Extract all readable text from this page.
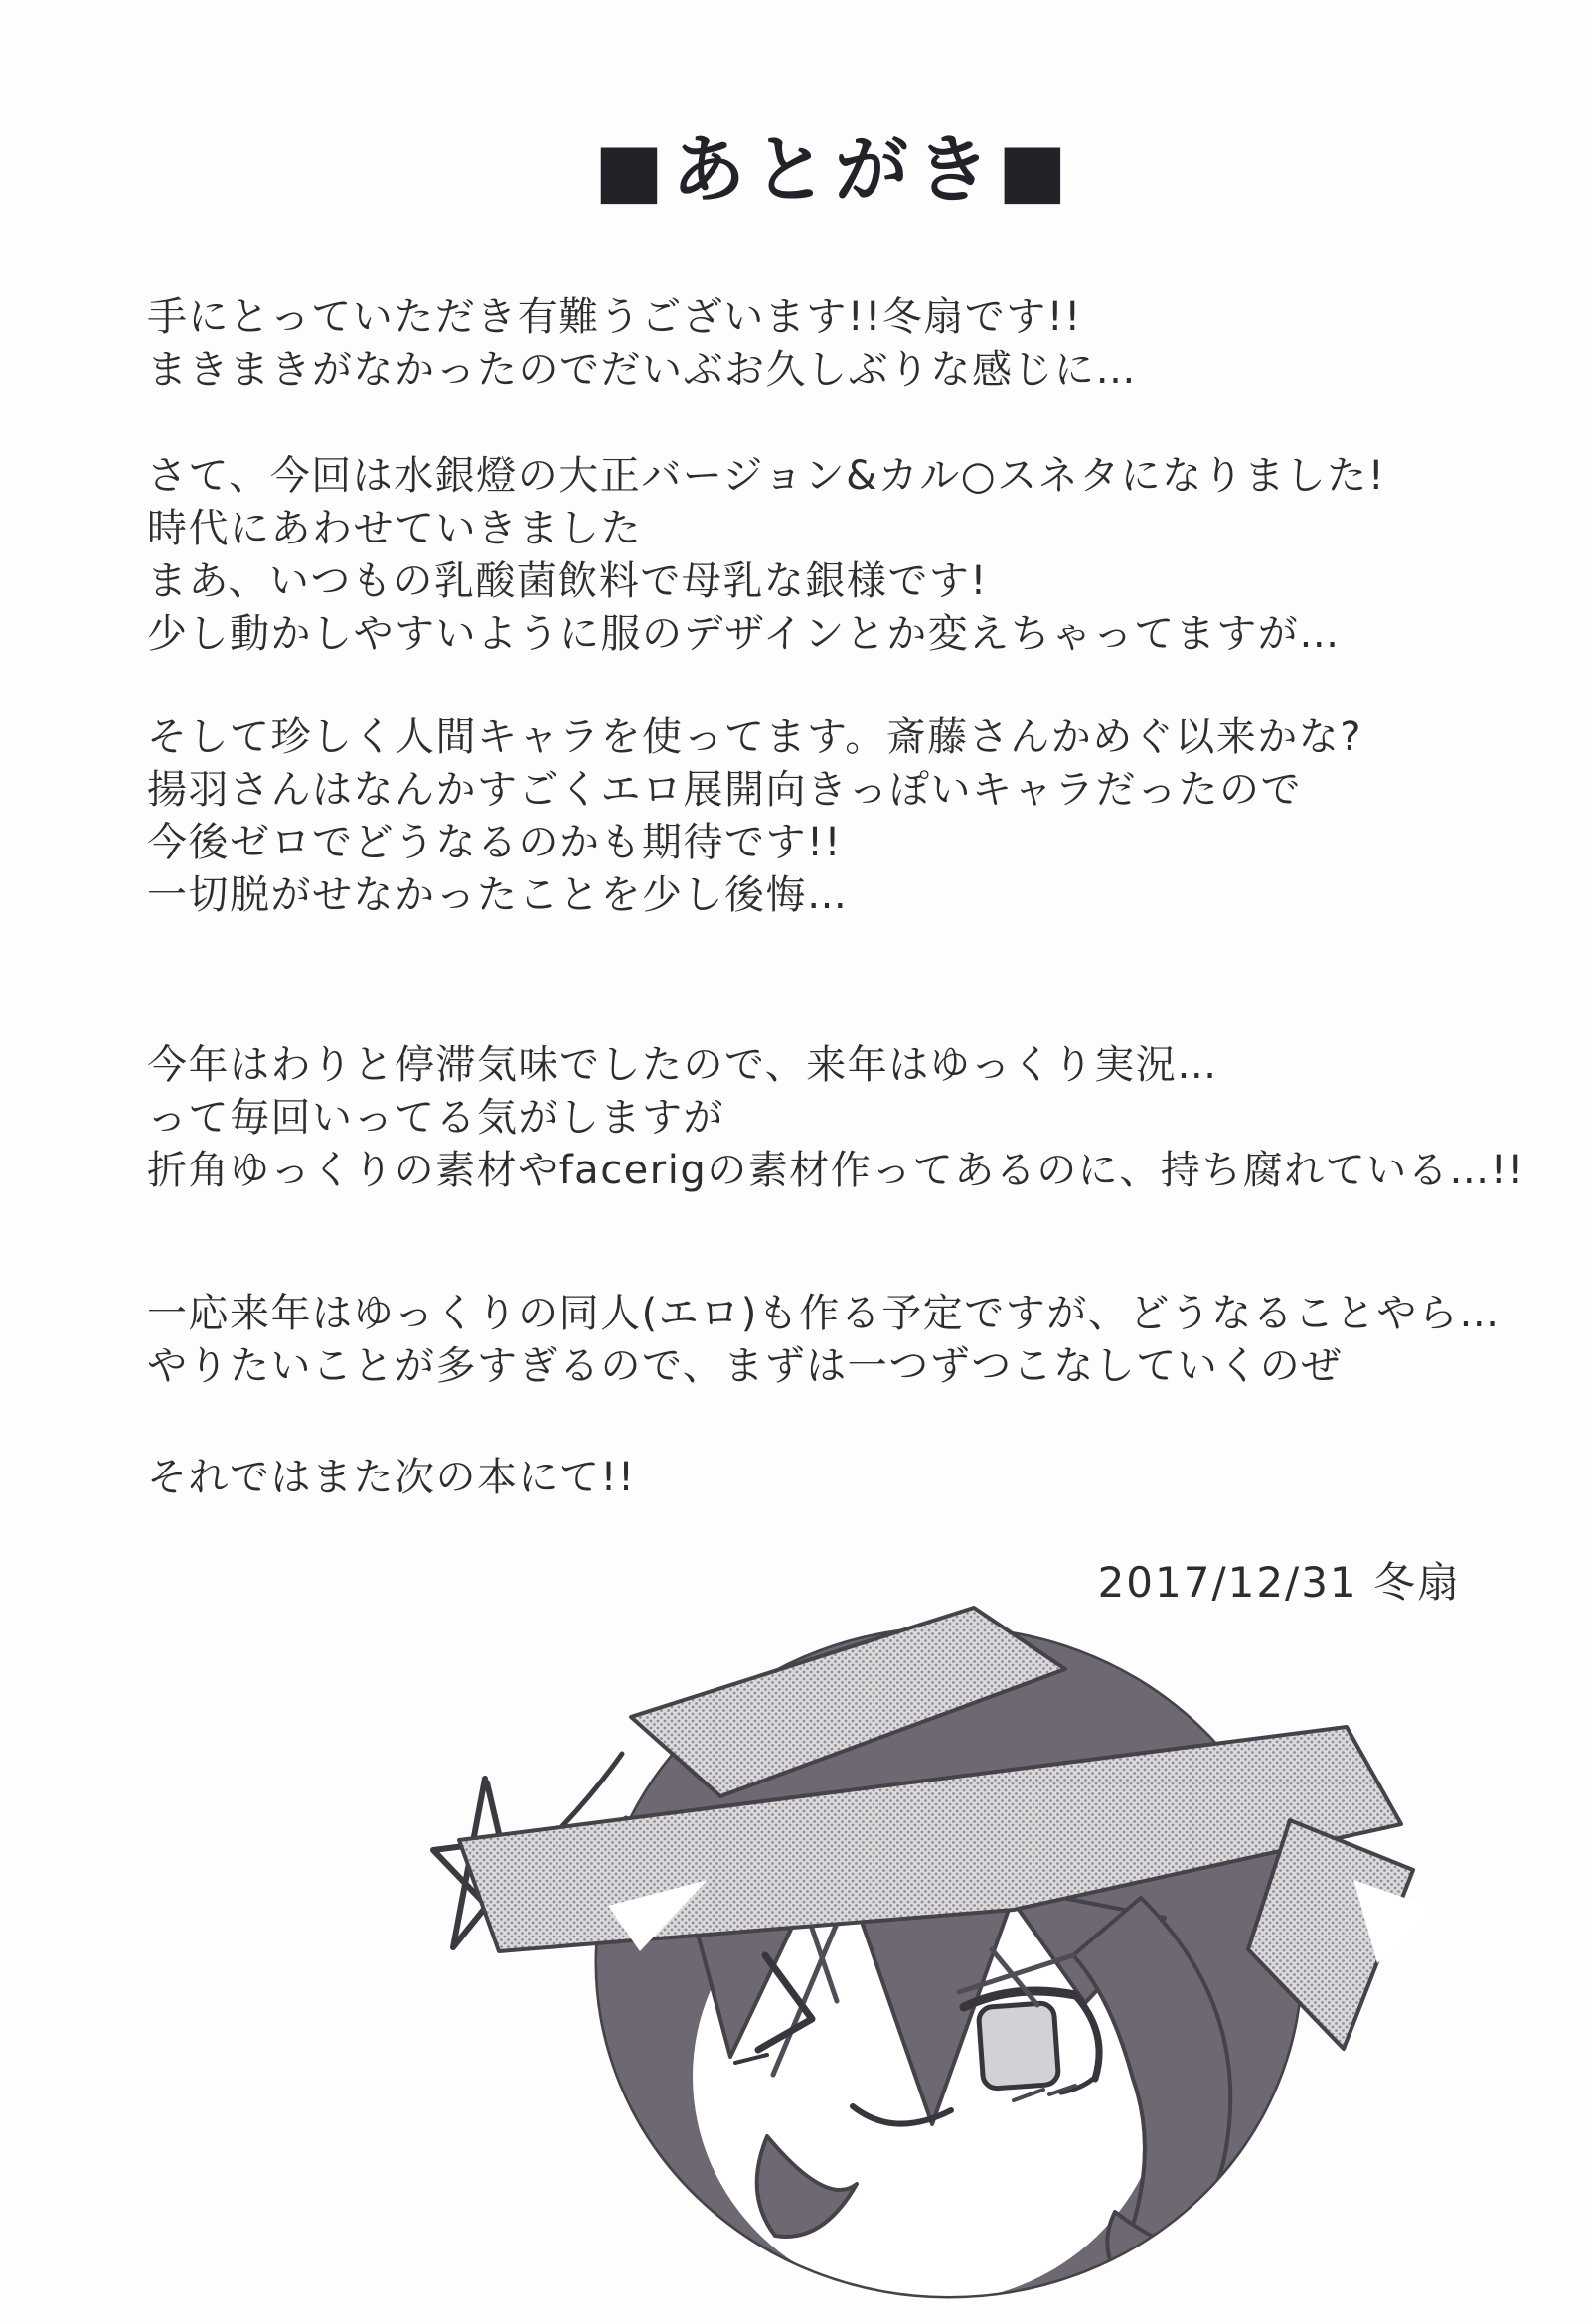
■あとがき■
手にとっていただき有難うございます!!冬扇です!!
まきまきがなかったのでだいぶお久しぶりな感じに…
さて、今回は水銀燈の大正バージョン&カル○スネタになりました!
時代にあわせていきました
まあ、いつもの乳酸菌飲料で母乳な銀様です!
少し動かしやすいように服のデザインとか変えちゃってますが…
そして珍しく人間キャラを使ってます。斎藤さんかめぐ以来かな?
揚羽さんはなんかすごくエロ展開向きっぽいキャラだったので
今後ゼロでどうなるのかも期待です!!
一切脱がせなかったことを少し後悔…
今年はわりと停滞気味でしたので、来年はゆっくり実況…
って毎回いってる気がしますが
折角ゆっくりの素材やfacerigの素材作ってあるのに、持ち腐れている…!!
一応来年はゆっくりの同人(エロ)も作る予定ですが、どうなることやら…
やりたいことが多すぎるので、まずは一つずつこなしていくのぜ
それではまた次の本にて!!
2017/12/31 冬扇
